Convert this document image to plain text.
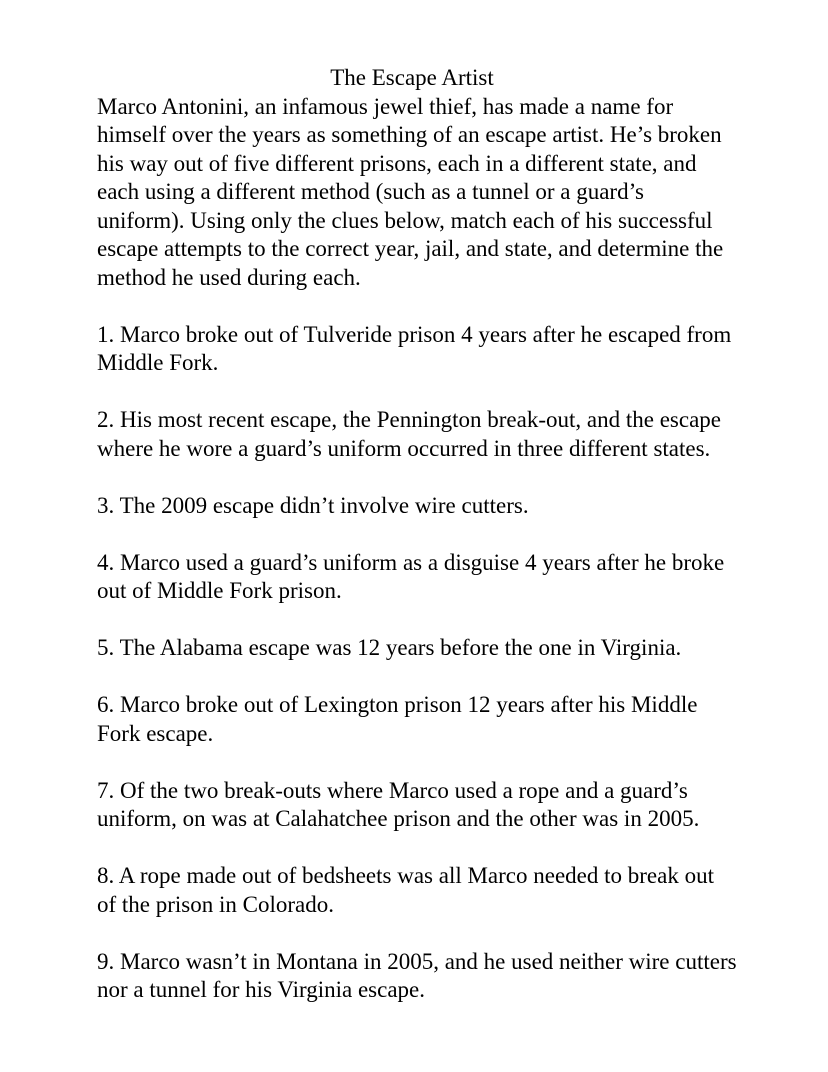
The Escape Artist

Marco Antonini, an infamous jewel thief, has made a name for himself over the years as something of an escape artist. He’s broken his way out of five different prisons, each in a different state, and each using a different method (such as a tunnel or a guard’s uniform). Using only the clues below, match each of his successful escape attempts to the correct year, jail, and state, and determine the method he used during each.

1. Marco broke out of Tulveride prison 4 years after he escaped from Middle Fork.

2. His most recent escape, the Pennington break-out, and the escape where he wore a guard’s uniform occurred in three different states.

3. The 2009 escape didn’t involve wire cutters.

4. Marco used a guard’s uniform as a disguise 4 years after he broke out of Middle Fork prison.

5. The Alabama escape was 12 years before the one in Virginia.

6. Marco broke out of Lexington prison 12 years after his Middle Fork escape.

7. Of the two break-outs where Marco used a rope and a guard’s uniform, on was at Calahatchee prison and the other was in 2005.

8. A rope made out of bedsheets was all Marco needed to break out of the prison in Colorado.

9. Marco wasn’t in Montana in 2005, and he used neither wire cutters nor a tunnel for his Virginia escape.
